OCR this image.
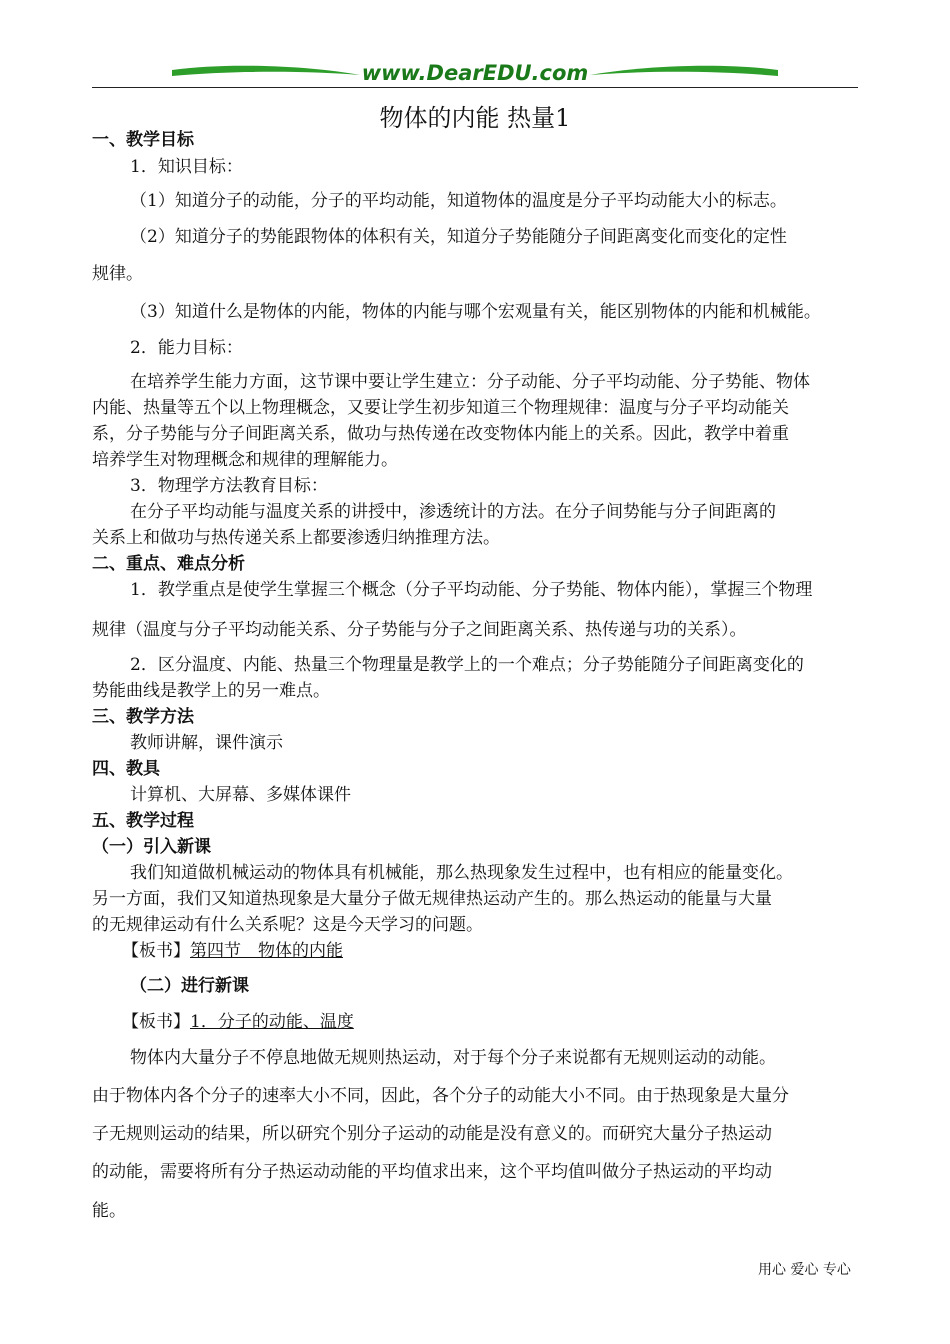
www.DearEDU.com
物体的内能 热量1
一、教学目标
1．知识目标：
（1）知道分子的动能，分子的平均动能，知道物体的温度是分子平均动能大小的标志。
（2）知道分子的势能跟物体的体积有关，知道分子势能随分子间距离变化而变化的定性
规律。
（3）知道什么是物体的内能，物体的内能与哪个宏观量有关，能区别物体的内能和机械能。
2．能力目标：
在培养学生能力方面，这节课中要让学生建立：分子动能、分子平均动能、分子势能、物体
内能、热量等五个以上物理概念，又要让学生初步知道三个物理规律：温度与分子平均动能关
系，分子势能与分子间距离关系，做功与热传递在改变物体内能上的关系。因此，教学中着重
培养学生对物理概念和规律的理解能力。
3．物理学方法教育目标：
在分子平均动能与温度关系的讲授中，渗透统计的方法。在分子间势能与分子间距离的
关系上和做功与热传递关系上都要渗透归纳推理方法。
二、重点、难点分析
1．教学重点是使学生掌握三个概念（分子平均动能、分子势能、物体内能），掌握三个物理
规律（温度与分子平均动能关系、分子势能与分子之间距离关系、热传递与功的关系）。
2．区分温度、内能、热量三个物理量是教学上的一个难点；分子势能随分子间距离变化的
势能曲线是教学上的另一难点。
三、教学方法
教师讲解，课件演示
四、教具
计算机、大屏幕、多媒体课件
五、教学过程
（一）引入新课
我们知道做机械运动的物体具有机械能，那么热现象发生过程中，也有相应的能量变化。
另一方面，我们又知道热现象是大量分子做无规律热运动产生的。那么热运动的能量与大量
的无规律运动有什么关系呢？这是今天学习的问题。
【板书】第四节　物体的内能
（二）进行新课
【板书】1．分子的动能、温度
物体内大量分子不停息地做无规则热运动，对于每个分子来说都有无规则运动的动能。
由于物体内各个分子的速率大小不同，因此，各个分子的动能大小不同。由于热现象是大量分
子无规则运动的结果，所以研究个别分子运动的动能是没有意义的。而研究大量分子热运动
的动能，需要将所有分子热运动动能的平均值求出来，这个平均值叫做分子热运动的平均动
能。
用心 爱心 专心
